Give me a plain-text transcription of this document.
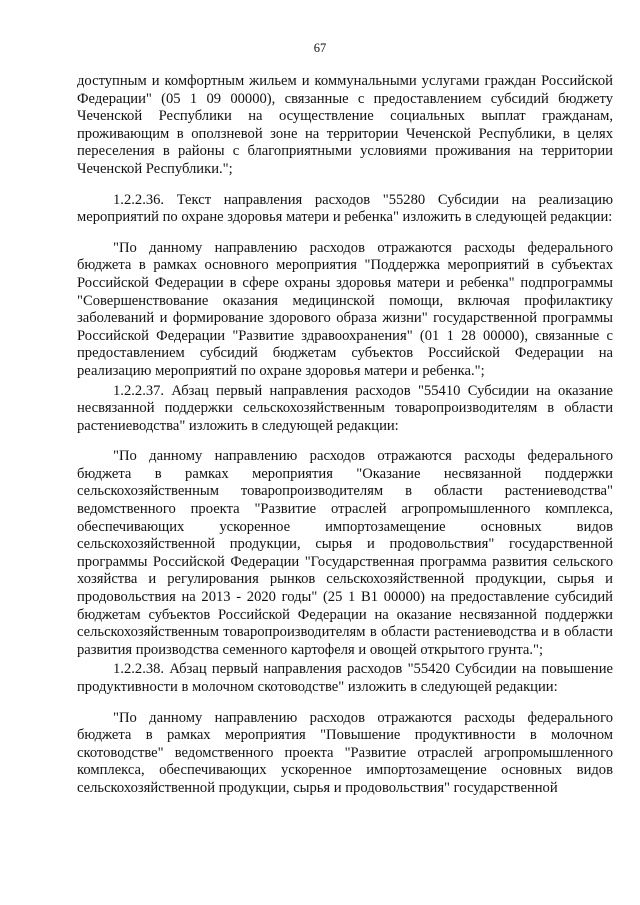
67

доступным и комфортным жильем и коммунальными услугами граждан Российской Федерации" (05 1 09 00000), связанные с предоставлением субсидий бюджету Чеченской Республики на осуществление социальных выплат гражданам, проживающим в оползневой зоне на территории Чеченской Республики, в целях переселения в районы с благоприятными условиями проживания на территории Чеченской Республики.";

1.2.2.36. Текст направления расходов "55280 Субсидии на реализацию мероприятий по охране здоровья матери и ребенка" изложить в следующей редакции:

"По данному направлению расходов отражаются расходы федерального бюджета в рамках основного мероприятия "Поддержка мероприятий в субъектах Российской Федерации в сфере охраны здоровья матери и ребенка" подпрограммы "Совершенствование оказания медицинской помощи, включая профилактику заболеваний и формирование здорового образа жизни" государственной программы Российской Федерации "Развитие здравоохранения" (01 1 28 00000), связанные с предоставлением субсидий бюджетам субъектов Российской Федерации на реализацию мероприятий по охране здоровья матери и ребенка.";

1.2.2.37. Абзац первый направления расходов "55410 Субсидии на оказание несвязанной поддержки сельскохозяйственным товаропроизводителям в области растениеводства" изложить в следующей редакции:

"По данному направлению расходов отражаются расходы федерального бюджета в рамках мероприятия "Оказание несвязанной поддержки сельскохозяйственным товаропроизводителям в области растениеводства" ведомственного проекта "Развитие отраслей агропромышленного комплекса, обеспечивающих ускоренное импортозамещение основных видов сельскохозяйственной продукции, сырья и продовольствия" государственной программы Российской Федерации "Государственная программа развития сельского хозяйства и регулирования рынков сельскохозяйственной продукции, сырья и продовольствия на 2013 - 2020 годы" (25 1 В1 00000) на предоставление субсидий бюджетам субъектов Российской Федерации на оказание несвязанной поддержки сельскохозяйственным товаропроизводителям в области растениеводства и в области развития производства семенного картофеля и овощей открытого грунта.";

1.2.2.38. Абзац первый направления расходов "55420 Субсидии на повышение продуктивности в молочном скотоводстве" изложить в следующей редакции:

"По данному направлению расходов отражаются расходы федерального бюджета в рамках мероприятия "Повышение продуктивности в молочном скотоводстве" ведомственного проекта "Развитие отраслей агропромышленного комплекса, обеспечивающих ускоренное импортозамещение основных видов сельскохозяйственной продукции, сырья и продовольствия" государственной
